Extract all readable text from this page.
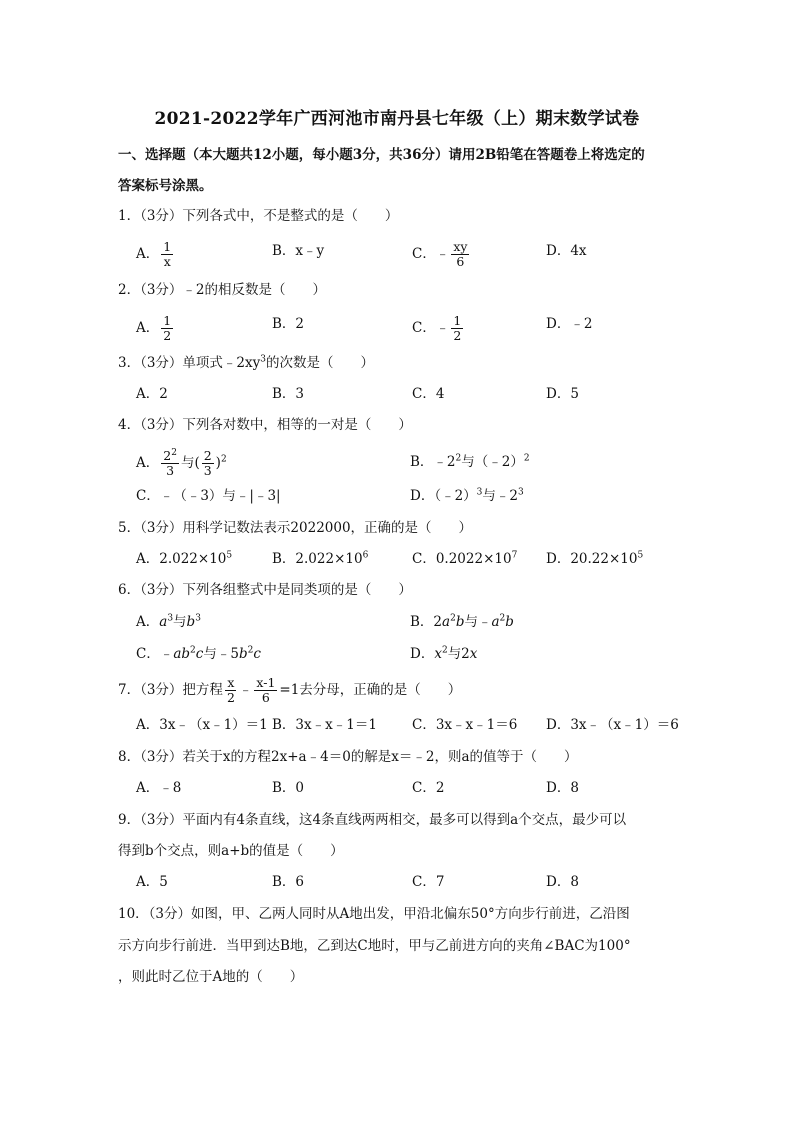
2021-2022学年广西河池市南丹县七年级（上）期末数学试卷
一、选择题（本大题共12小题，每小题3分，共36分）请用2B铅笔在答题卷上将选定的
答案标号涂黑。
1．（3分）下列各式中，不是整式的是（　　）
A． $\frac{1}{x}$	B．x﹣y	C．﹣ $\frac{xy}{6}$	D．4x
2．（3分）﹣2的相反数是（　　）
A． $\frac{1}{2}$	B．2	C．﹣ $\frac{1}{2}$	D．﹣2
3．（3分）单项式$﹣2xy^3$的次数是（　　）
A．2	B．3	C．4	D．5
4．（3分）下列各对数中，相等的一对是（　　）
A． $\frac{2^2}{3}$ 与( $\frac{2}{3} )^2$	B．$﹣2^2$与（﹣2）$^2$
C．﹣（﹣3）与﹣|﹣3|	D．（﹣2）$^3$与$﹣2^3$
5．（3分）用科学记数法表示2022000，正确的是（　　）
A．$2.022\times 10^5$	B．$2.022\times 10^6$	C．$0.2022\times 10^7$ D．$20.22\times 10^5$
6．（3分）下列各组整式中是同类项的是（　　）
A．$a^3$与$b^3$	B．$2a^2b$与$﹣a^2b$
C．$﹣ab^2c$与$﹣5b^2c$	D．$x^2$与2x
7．（3分）把方程 $\frac{x}{2}$ ﹣ $\frac{x-1}{6} =1$去分母，正确的是（　　）
A．3x﹣（x﹣1）＝1 B．3x﹣x﹣1＝1	C．3x﹣x﹣1＝6 D．3x﹣（x﹣1）＝6
8．（3分）若关于x的方程2x+a﹣4＝0的解是x＝﹣2，则a的值等于（　　）
A．﹣8	B．0	C．2	D．8
9．（3分）平面内有4条直线，这4条直线两两相交，最多可以得到a个交点，最少可以
得到b个交点，则a+b的值是（　　）
A．5	B．6	C．7	D．8
10．（3分）如图，甲、乙两人同时从A地出发，甲沿北偏东50°方向步行前进，乙沿图
示方向步行前进．当甲到达B地，乙到达C地时，甲与乙前进方向的夹角∠BAC为100°
，则此时乙位于A地的（　　）
